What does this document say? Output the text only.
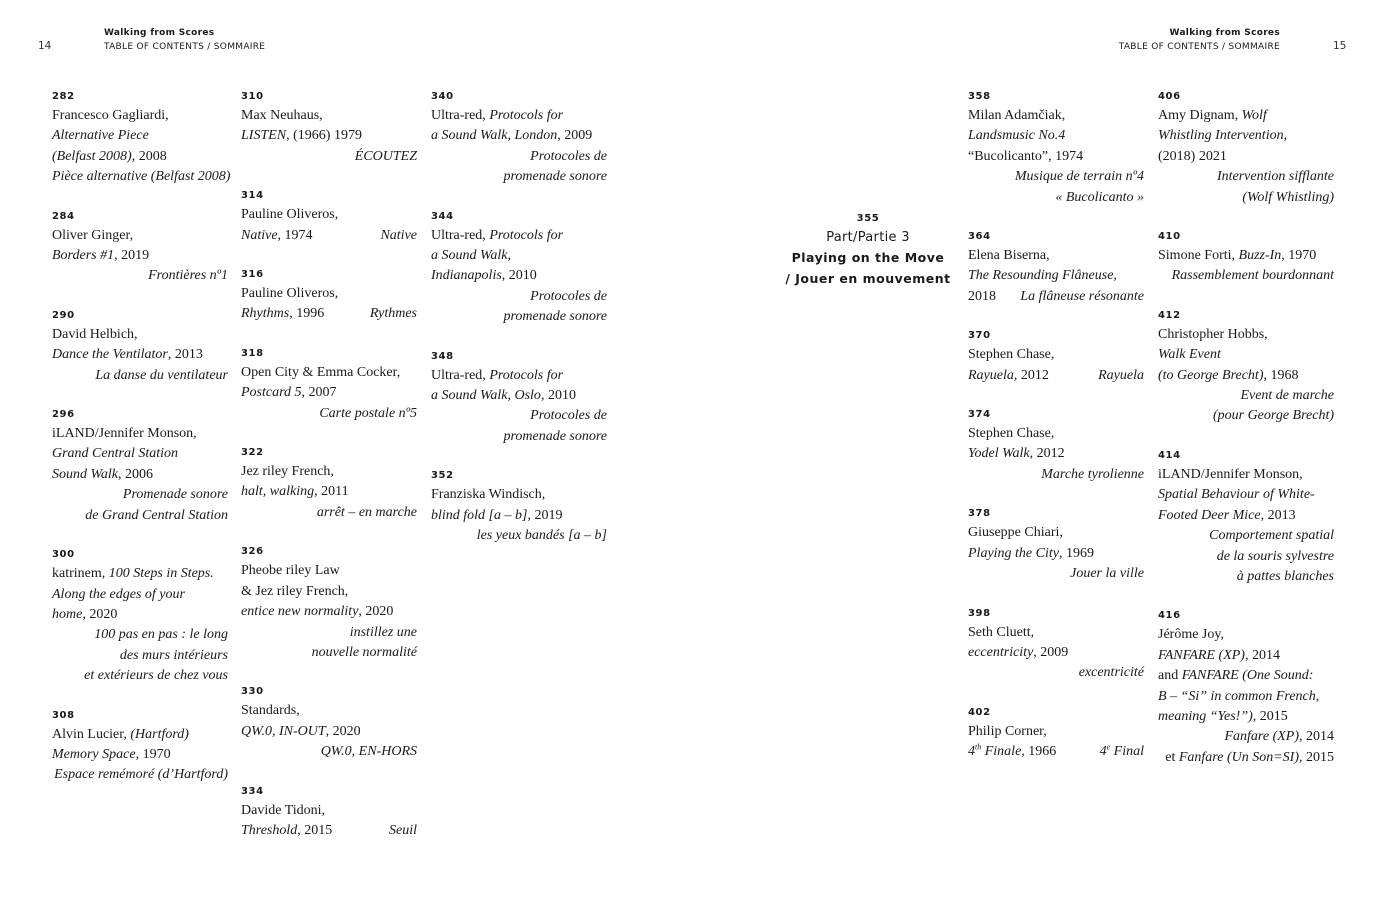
14
Walking from Scores
TABLE OF CONTENTS / SOMMAIRE
Walking from Scores
TABLE OF CONTENTS / SOMMAIRE	15
282
Francesco Gagliardi,
Alternative Piece
(Belfast 2008), 2008
Pièce alternative (Belfast 2008)
284
Oliver Ginger,
Borders #1, 2019
Frontières nº1
290
David Helbich,
Dance the Ventilator, 2013
La danse du ventilateur
296
iLAND/Jennifer Monson,
Grand Central Station
Sound Walk, 2006
Promenade sonore
de Grand Central Station
300
katrinem, 100 Steps in Steps.
Along the edges of your
home, 2020
100 pas en pas : le long
des murs intérieurs
et extérieurs de chez vous
308
Alvin Lucier, (Hartford)
Memory Space, 1970
Espace remémoré (d’Hartford)
310
Max Neuhaus,
LISTEN, (1966) 1979
ÉCOUTEZ
314
Pauline Oliveros,
Native, 1974	Native
316
Pauline Oliveros,
Rhythms, 1996	Rythmes
318
Open City & Emma Cocker,
Postcard 5, 2007
Carte postale nº5
322
Jez riley French,
halt, walking, 2011
arrêt – en marche
326
Pheobe riley Law
& Jez riley French,
entice new normality, 2020
instillez une
nouvelle normalité
330
Standards,
QW.0, IN-OUT, 2020
QW.0, EN-HORS
334
Davide Tidoni,
Threshold, 2015	Seuil
340
Ultra-red, Protocols for
a Sound Walk, London, 2009
Protocoles de
promenade sonore
344
Ultra-red, Protocols for
a Sound Walk,
Indianapolis, 2010
Protocoles de
promenade sonore
348
Ultra-red, Protocols for
a Sound Walk, Oslo, 2010
Protocoles de
promenade sonore
352
Franziska Windisch,
blind fold [a – b], 2019
les yeux bandés [a – b]
355
Part/Partie 3
Playing on the Move
/ Jouer en mouvement
358
Milan Adamčiak,
Landsmusic No.4
“Bucolicanto”, 1974
Musique de terrain nº4
« Bucolicanto »
364
Elena Biserna,
The Resounding Flâneuse,
2018 La flâneuse résonante
370
Stephen Chase,
Rayuela, 2012	Rayuela
374
Stephen Chase,
Yodel Walk, 2012
Marche tyrolienne
378
Giuseppe Chiari,
Playing the City, 1969
Jouer la ville
398
Seth Cluett,
eccentricity, 2009
excentricité
402
Philip Corner,
4th Finale, 1966	4e Final
406
Amy Dignam, Wolf
Whistling Intervention,
(2018) 2021
Intervention sifflante
(Wolf Whistling)
410
Simone Forti, Buzz-In, 1970
Rassemblement bourdonnant
412
Christopher Hobbs,
Walk Event
(to George Brecht), 1968
Event de marche
(pour George Brecht)
414
iLAND/Jennifer Monson,
Spatial Behaviour of White-
Footed Deer Mice, 2013
Comportement spatial
de la souris sylvestre
à pattes blanches
416
Jérôme Joy,
FANFARE (XP), 2014
and FANFARE (One Sound:
B – “Si” in common French,
meaning “Yes!”), 2015
Fanfare (XP), 2014
et Fanfare (Un Son=SI), 2015
